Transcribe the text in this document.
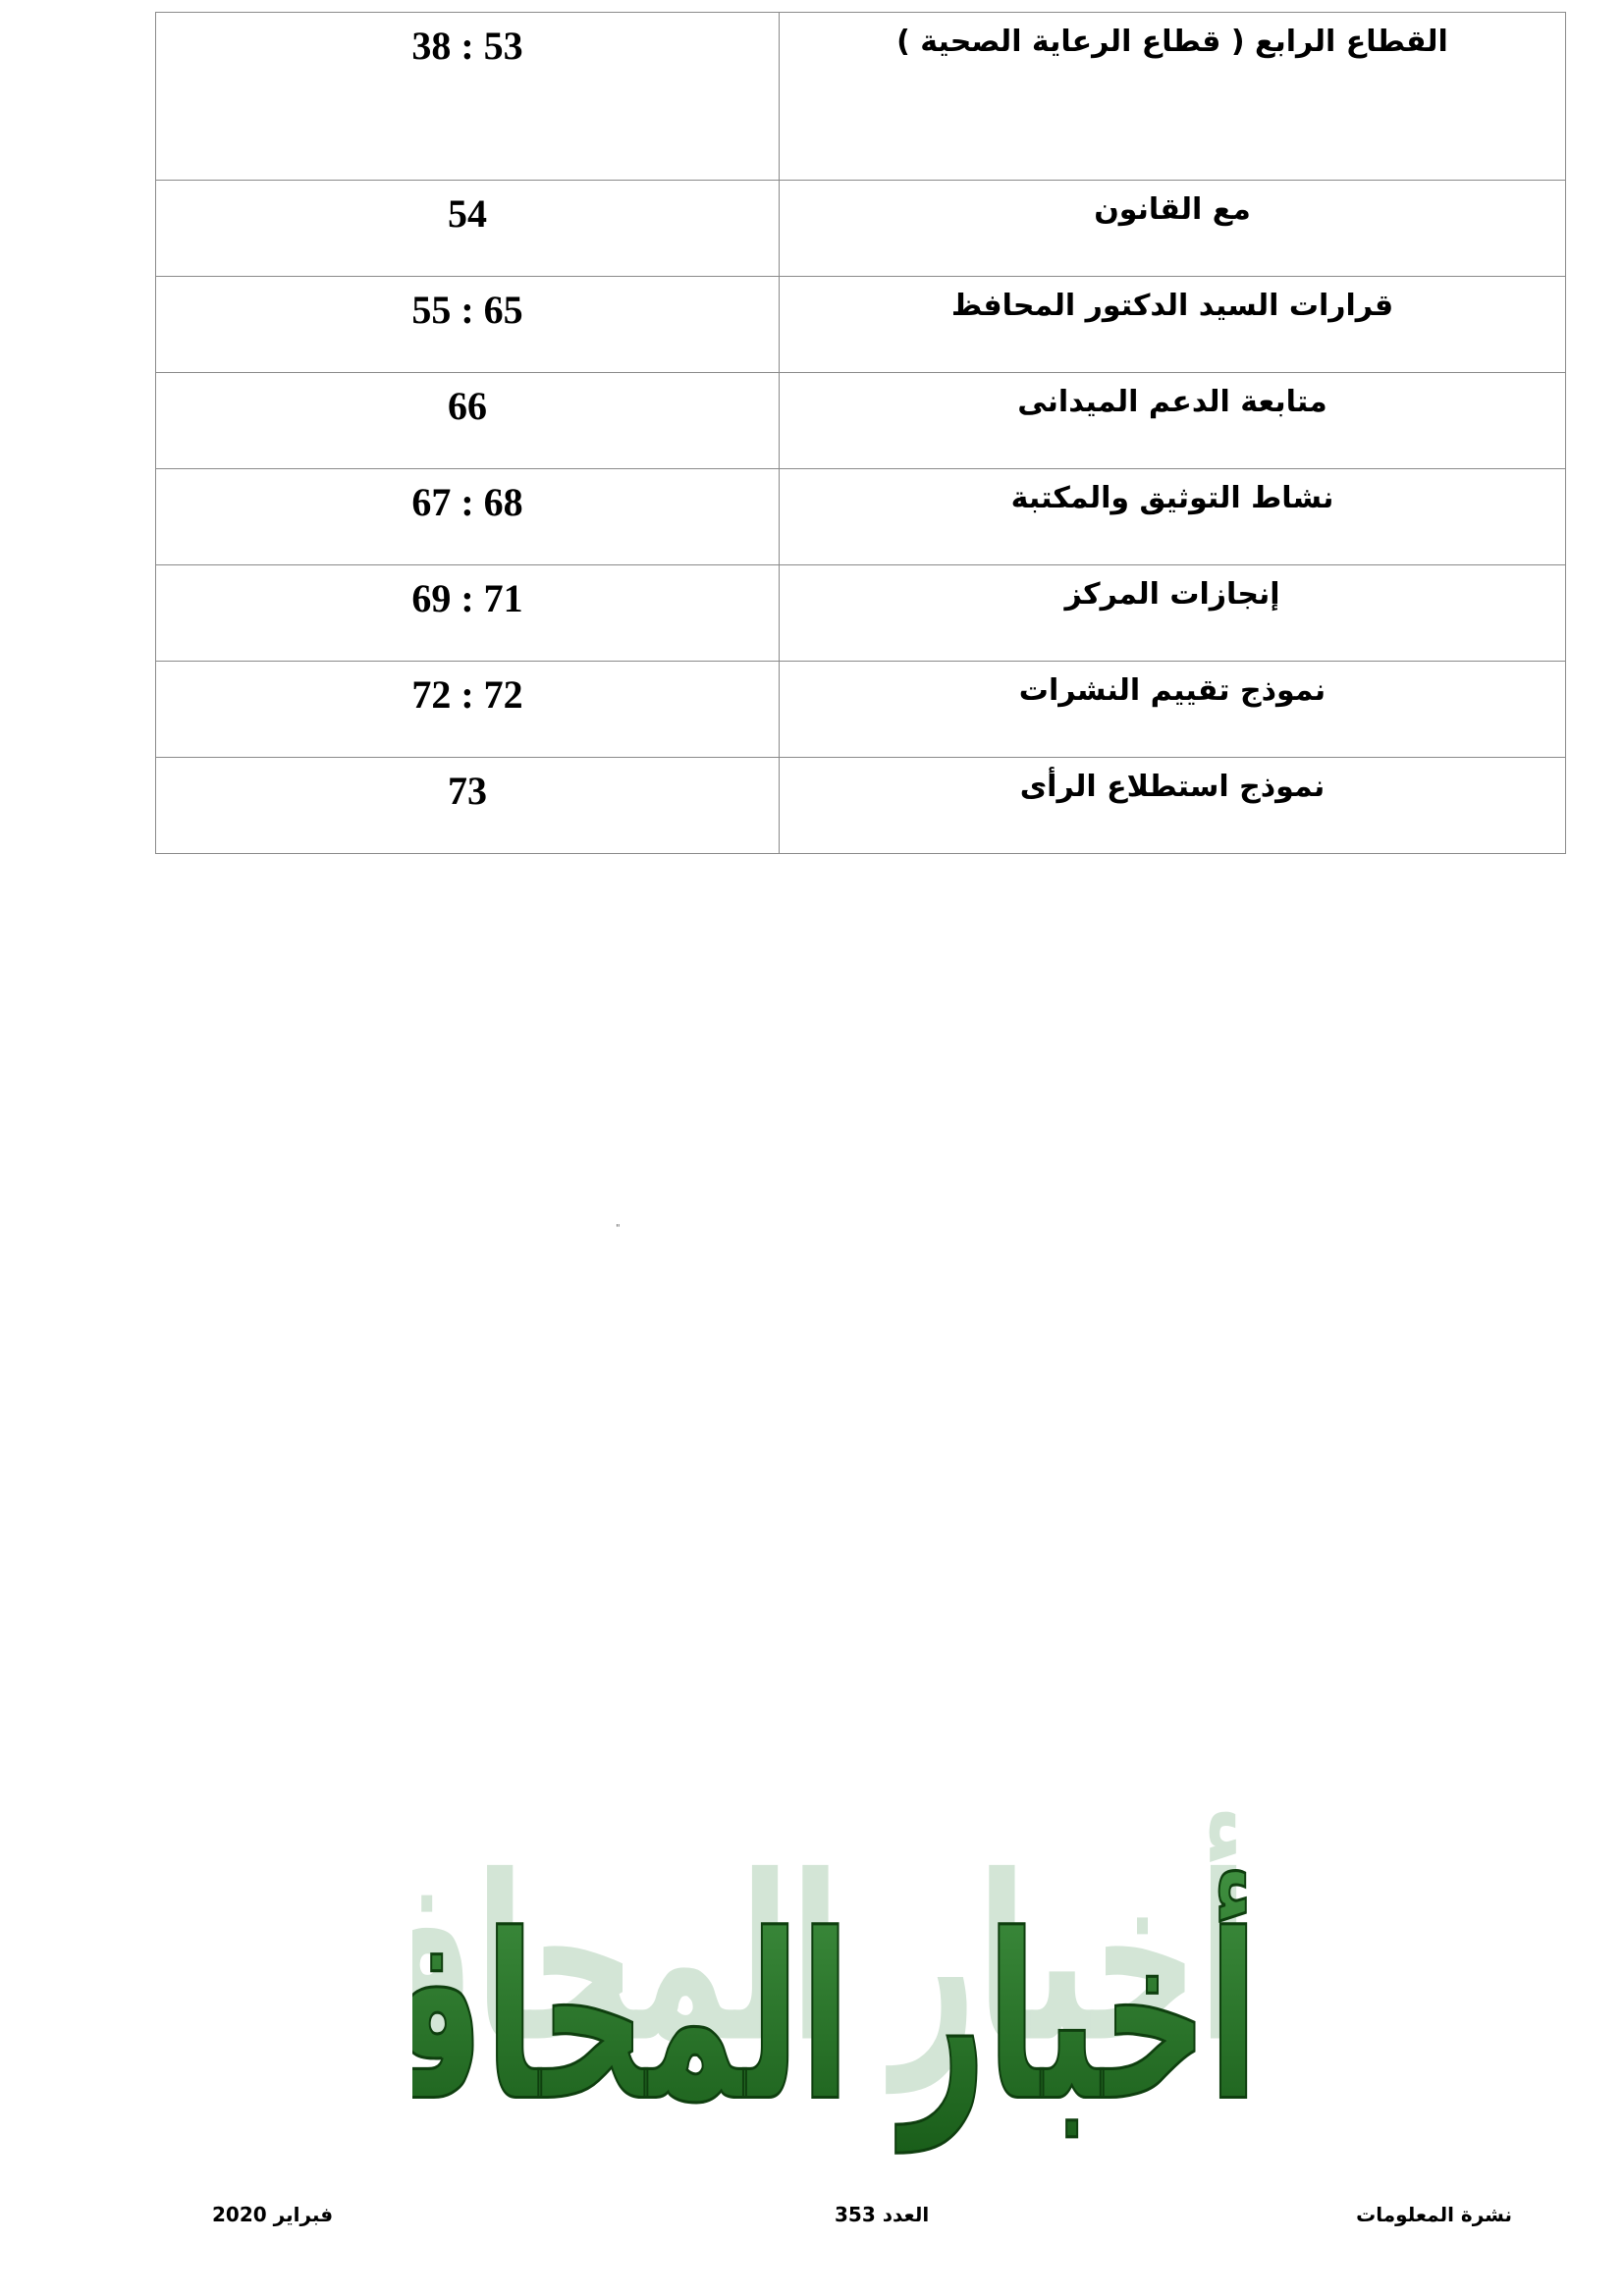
38 : 53	القطاع الرابع ( قطاع الرعاية الصحية )
54	مع القانون
55 : 65	قرارات السيد الدكتور المحافظ
66	متابعة الدعم الميدانى
67 : 68	نشاط التوثيق والمكتبة
69 : 71	إنجازات المركز
72 : 72	نموذج تقييم النشرات
73	نموذج استطلاع الرأى
"
أخبار المحا	أخبار المحا
فبراير 2020	العدد 353	نشرة المعلومات
